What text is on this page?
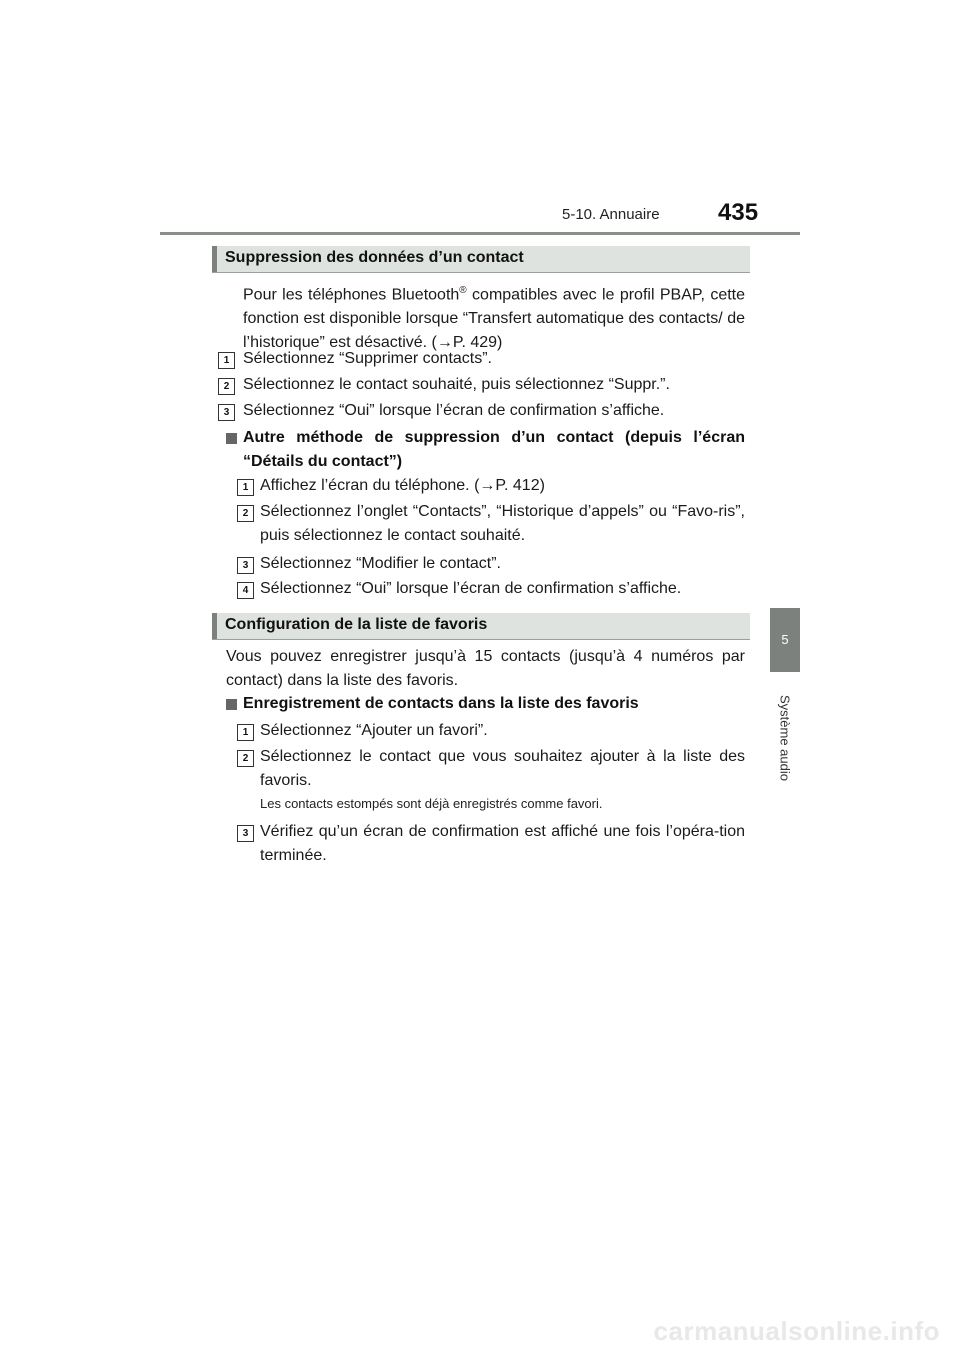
5-10. Annuaire 435
5
Système audio
Suppression des données d’un contact
Pour les téléphones Bluetooth® compatibles avec le profil PBAP, cette fonction est disponible lorsque “Transfert automatique des contacts/ de l’historique” est désactivé. (→P. 429)
1 Sélectionnez “Supprimer contacts”.
2 Sélectionnez le contact souhaité, puis sélectionnez “Suppr.”.
3 Sélectionnez “Oui” lorsque l’écran de confirmation s’affiche.
Autre méthode de suppression d’un contact (depuis l’écran “Détails du contact”)
1 Affichez l’écran du téléphone. (→P. 412)
2 Sélectionnez l’onglet “Contacts”, “Historique d’appels” ou “Favo-ris”, puis sélectionnez le contact souhaité.
3 Sélectionnez “Modifier le contact”.
4 Sélectionnez “Oui” lorsque l’écran de confirmation s’affiche.
Configuration de la liste de favoris
Vous pouvez enregistrer jusqu’à 15 contacts (jusqu’à 4 numéros par contact) dans la liste des favoris.
Enregistrement de contacts dans la liste des favoris
1 Sélectionnez “Ajouter un favori”.
2 Sélectionnez le contact que vous souhaitez ajouter à la liste des favoris.
Les contacts estompés sont déjà enregistrés comme favori.
3 Vérifiez qu’un écran de confirmation est affiché une fois l’opéra-tion terminée.
carmanualsonline.info
